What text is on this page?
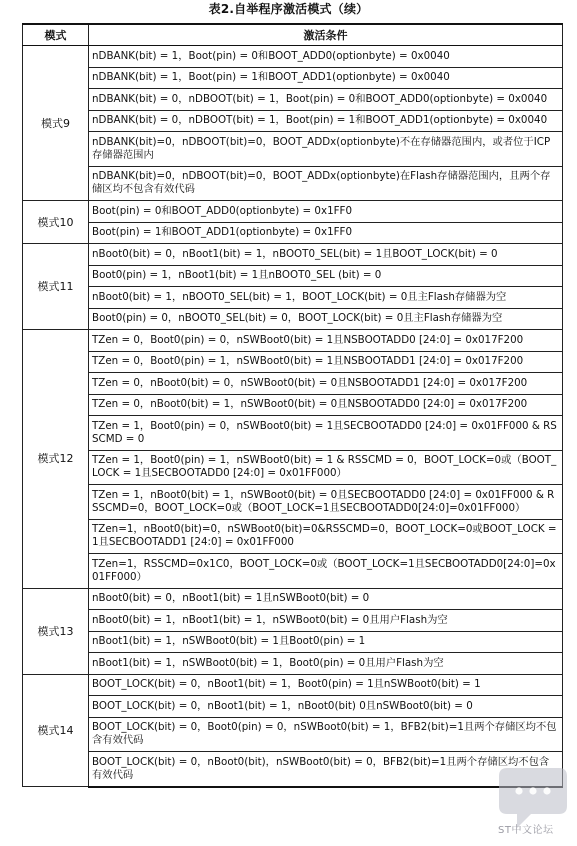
表2.自举程序激活模式（续）
模式	激活条件
模式9	nDBANK(bit) = 1，Boot(pin) = 0和BOOT_ADD0(optionbyte) = 0x0040
	nDBANK(bit) = 1，Boot(pin) = 1和BOOT_ADD1(optionbyte) = 0x0040
	nDBANK(bit) = 0，nDBOOT(bit) = 1，Boot(pin) = 0和BOOT_ADD0(optionbyte) = 0x0040
	nDBANK(bit) = 0，nDBOOT(bit) = 1，Boot(pin) = 1和BOOT_ADD1(optionbyte) = 0x0040
	nDBANK(bit)=0，nDBOOT(bit)=0，BOOT_ADDx(optionbyte)不在存储器范围内，或者位于ICP存储器范围内
	nDBANK(bit)=0，nDBOOT(bit)=0，BOOT_ADDx(optionbyte)在Flash存储器范围内，且两个存储区均不包含有效代码
模式10	Boot(pin) = 0和BOOT_ADD0(optionbyte) = 0x1FF0
	Boot(pin) = 1和BOOT_ADD1(optionbyte) = 0x1FF0
模式11	nBoot0(bit) = 0，nBoot1(bit) = 1，nBOOT0_SEL(bit) = 1且BOOT_LOCK(bit) = 0
	Boot0(pin) = 1，nBoot1(bit) = 1且nBOOT0_SEL (bit) = 0
	nBoot0(bit) = 1，nBOOT0_SEL(bit) = 1，BOOT_LOCK(bit) = 0且主Flash存储器为空
	Boot0(pin) = 0，nBOOT0_SEL(bit) = 0，BOOT_LOCK(bit) = 0且主Flash存储器为空
模式12	TZen = 0，Boot0(pin) = 0，nSWBoot0(bit) = 1且NSBOOTADD0 [24:0] = 0x017F200
	TZen = 0，Boot0(pin) = 1，nSWBoot0(bit) = 1且NSBOOTADD1 [24:0] = 0x017F200
	TZen = 0，nBoot0(bit) = 0，nSWBoot0(bit) = 0且NSBOOTADD1 [24:0] = 0x017F200
	TZen = 0，nBoot0(bit) = 1，nSWBoot0(bit) = 0且NSBOOTADD0 [24:0] = 0x017F200
	TZen = 1，Boot0(pin) = 0，nSWBoot0(bit) = 1且SECBOOTADD0 [24:0] = 0x01FF000 & RSSCMD = 0
	TZen = 1，Boot0(pin) = 1，nSWBoot0(bit) = 1 & RSSCMD = 0，BOOT_LOCK=0或（BOOT_LOCK = 1且SECBOOTADD0 [24:0] = 0x01FF000）
	TZen = 1，nBoot0(bit) = 1，nSWBoot0(bit) = 0且SECBOOTADD0 [24:0] = 0x01FF000 & RSSCMD=0，BOOT_LOCK=0或（BOOT_LOCK=1且SECBOOTADD0[24:0]=0x01FF000）
	TZen=1，nBoot0(bit)=0，nSWBoot0(bit)=0&RSSCMD=0，BOOT_LOCK=0或BOOT_LOCK =1且SECBOOTADD1 [24:0] = 0x01FF000
	TZen=1，RSSCMD=0x1C0，BOOT_LOCK=0或（BOOT_LOCK=1且SECBOOTADD0[24:0]=0x01FF000）
模式13	nBoot0(bit) = 0，nBoot1(bit) = 1且nSWBoot0(bit) = 0
	nBoot0(bit) = 1，nBoot1(bit) = 1，nSWBoot0(bit) = 0且用户Flash为空
	nBoot1(bit) = 1，nSWBoot0(bit) = 1且Boot0(pin) = 1
	nBoot1(bit) = 1，nSWBoot0(bit) = 1，Boot0(pin) = 0且用户Flash为空
模式14	BOOT_LOCK(bit) = 0，nBoot1(bit) = 1，Boot0(pin) = 1且nSWBoot0(bit) = 1
	BOOT_LOCK(bit) = 0，nBoot1(bit) = 1，nBoot0(bit) 0且nSWBoot0(bit) = 0
	BOOT_LOCK(bit) = 0，Boot0(pin) = 0，nSWBoot0(bit) = 1，BFB2(bit)=1且两个存储区均不包含有效代码
	BOOT_LOCK(bit) = 0，nBoot0(bit)，nSWBoot0(bit) = 0，BFB2(bit)=1且两个存储区均不包含有效代码
ST中文论坛
